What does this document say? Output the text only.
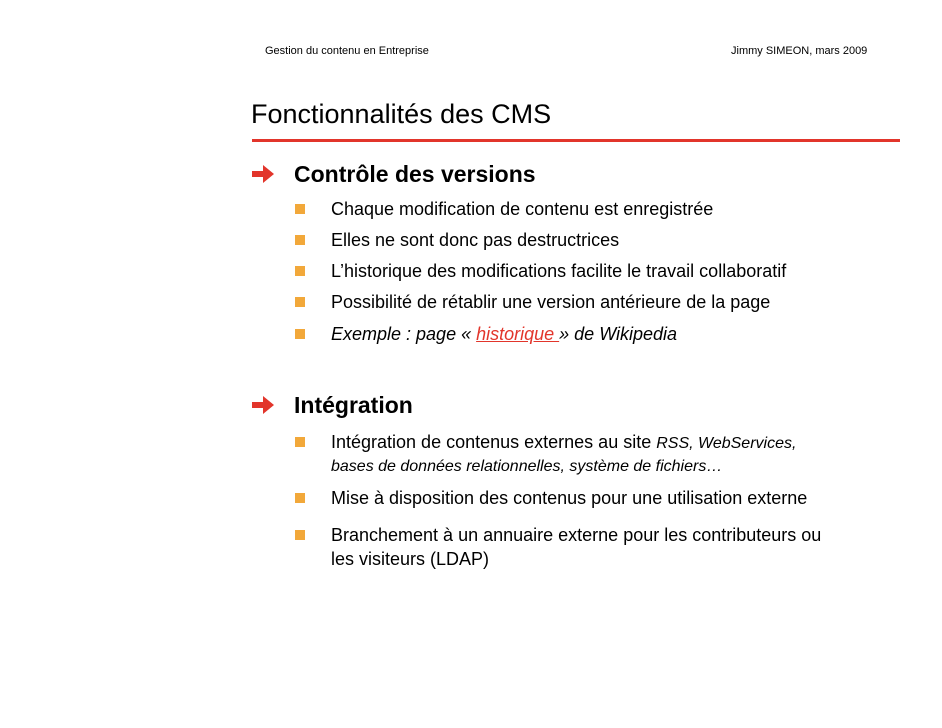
Gestion du contenu en Entreprise	Jimmy SIMEON, mars 2009
Fonctionnalités des CMS
Contrôle des versions
Chaque modification de contenu est enregistrée
Elles ne sont donc pas destructrices
L’historique des modifications facilite le travail collaboratif
Possibilité de rétablir une version antérieure de la page
Exemple : page « historique » de Wikipedia
Intégration
Intégration de contenus externes au site RSS, WebServices,
bases de données relationnelles, système de fichiers…
Mise à disposition des contenus pour une utilisation externe
Branchement à un annuaire externe pour les contributeurs ou
les visiteurs (LDAP)
